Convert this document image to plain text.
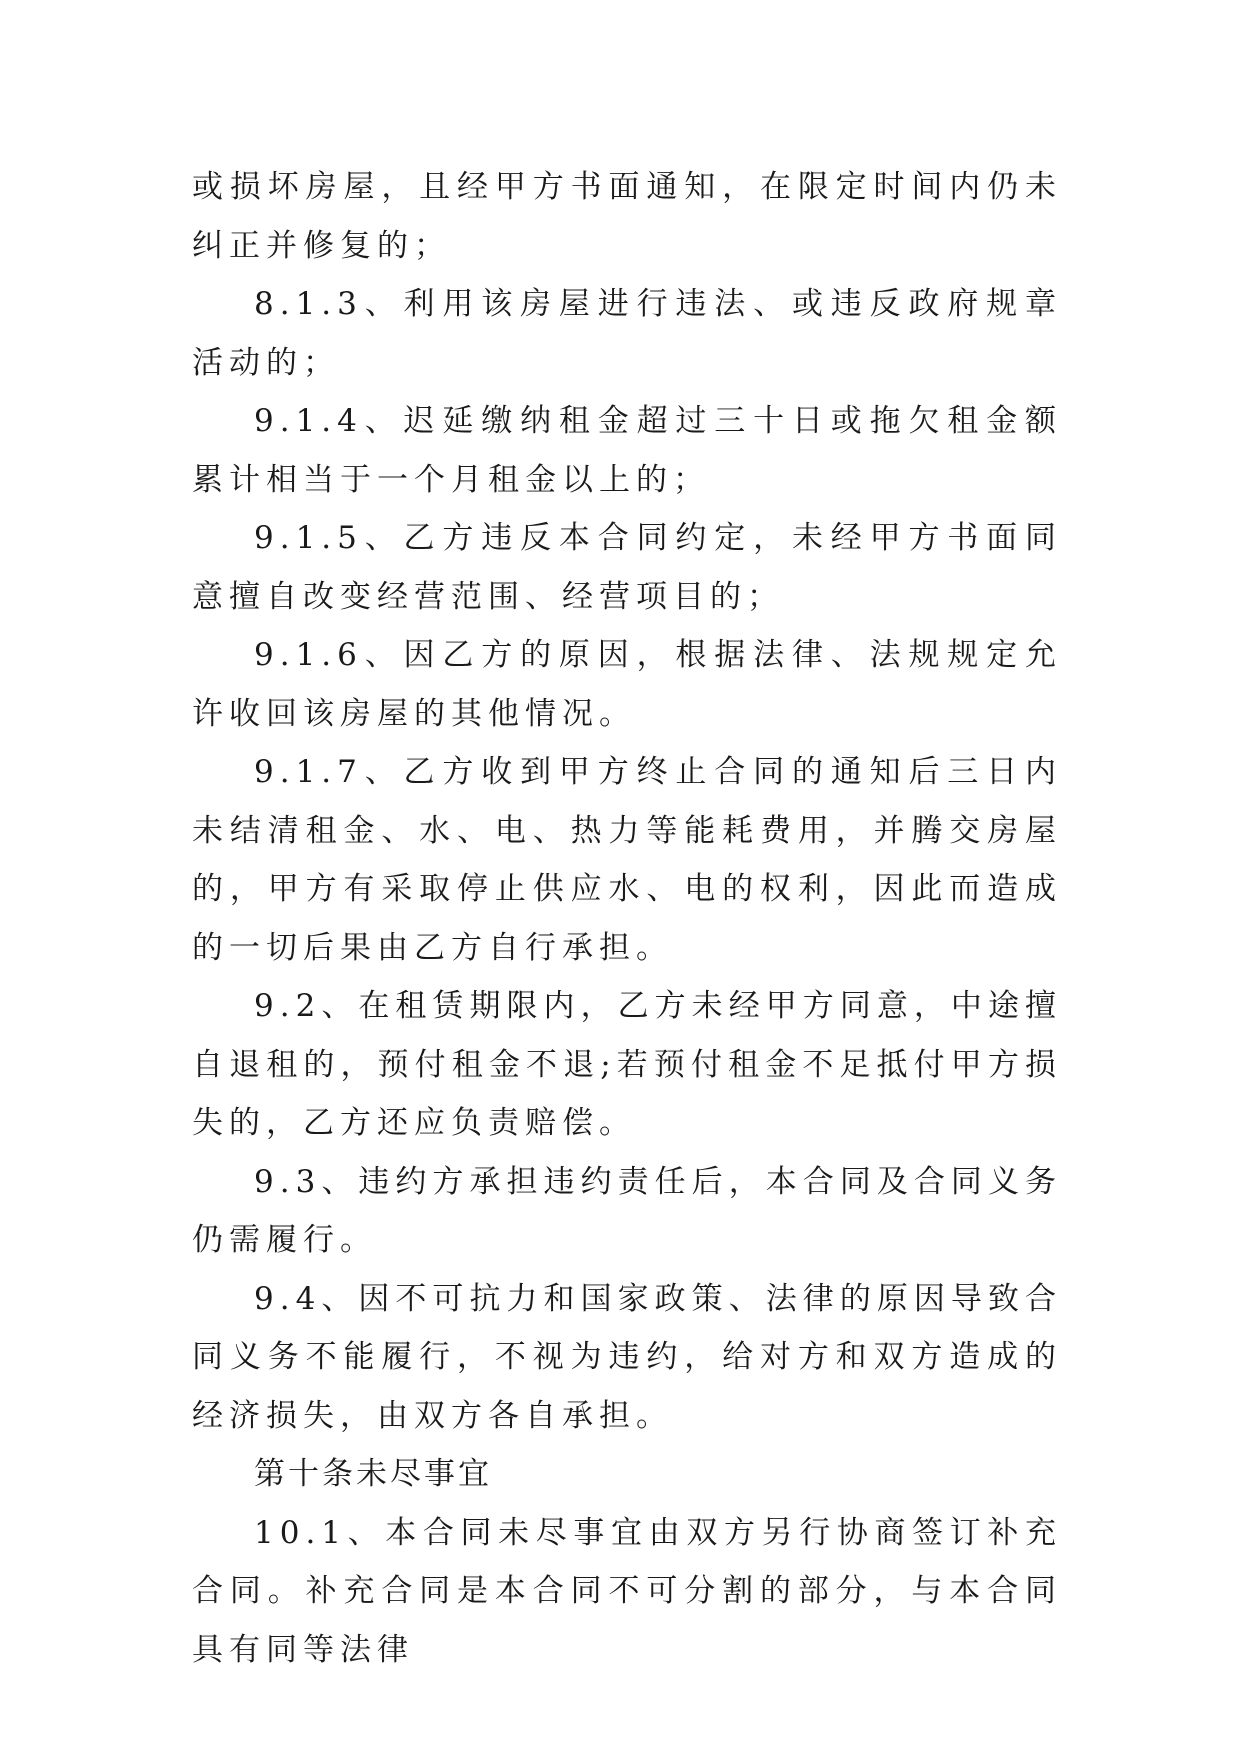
或损坏房屋，且经甲方书面通知，在限定时间内仍未纠正并修复的；

8.1.3、利用该房屋进行违法、或违反政府规章活动的；

9.1.4、迟延缴纳租金超过三十日或拖欠租金额累计相当于一个月租金以上的；

9.1.5、乙方违反本合同约定，未经甲方书面同意擅自改变经营范围、经营项目的；

9.1.6、因乙方的原因，根据法律、法规规定允许收回该房屋的其他情况。

9.1.7、乙方收到甲方终止合同的通知后三日内未结清租金、水、电、热力等能耗费用，并腾交房屋的，甲方有采取停止供应水、电的权利，因此而造成的一切后果由乙方自行承担。

9.2、在租赁期限内，乙方未经甲方同意，中途擅自退租的，预付租金不退;若预付租金不足抵付甲方损失的，乙方还应负责赔偿。

9.3、违约方承担违约责任后，本合同及合同义务仍需履行。

9.4、因不可抗力和国家政策、法律的原因导致合同义务不能履行，不视为违约，给对方和双方造成的经济损失，由双方各自承担。

第十条未尽事宜

10.1、本合同未尽事宜由双方另行协商签订补充合同。补充合同是本合同不可分割的部分，与本合同具有同等法律
